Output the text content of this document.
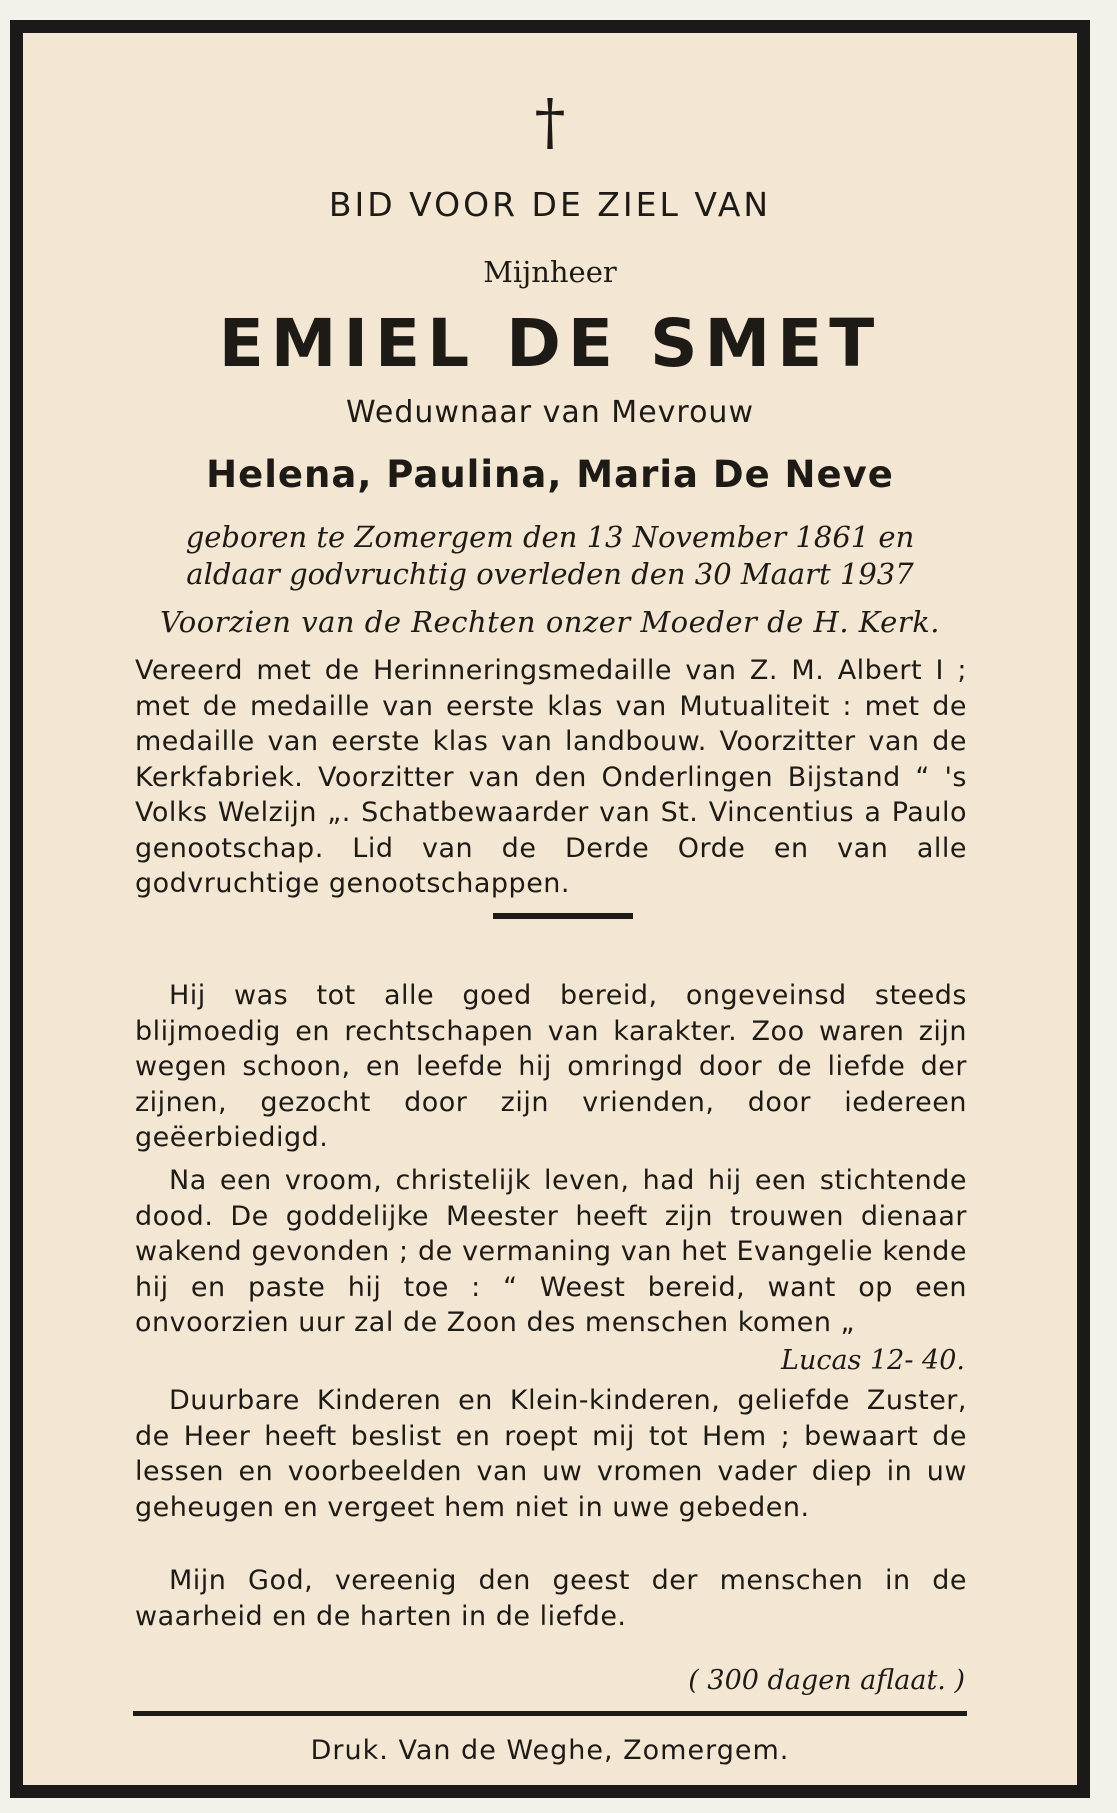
†
BID VOOR DE ZIEL VAN
Mijnheer
EMIEL DE SMET
Weduwnaar van Mevrouw
Helena, Paulina, Maria De Neve
geboren te Zomergem den 13 November 1861 en
aldaar godvruchtig overleden den 30 Maart 1937
Voorzien van de Rechten onzer Moeder de H. Kerk.
Vereerd met de Herinneringsmedaille van Z. M. Albert I ; met de medaille van eerste klas van Mutualiteit : met de medaille van eerste klas van landbouw. Voorzitter van de Kerkfabriek. Voorzitter van den Onderlingen Bijstand “ 's Volks Welzijn „. Schatbewaarder van St. Vincentius a Paulo genootschap. Lid van de Derde Orde en van alle godvruchtige genootschappen.
Hij was tot alle goed bereid, ongeveinsd steeds blijmoedig en rechtschapen van karakter. Zoo waren zijn wegen schoon, en leefde hij omringd door de liefde der zijnen, gezocht door zijn vrienden, door iedereen geëerbiedigd.
Na een vroom, christelijk leven, had hij een stichtende dood. De goddelijke Meester heeft zijn trouwen dienaar wakend gevonden ; de vermaning van het Evangelie kende hij en paste hij toe : “ Weest bereid, want op een onvoorzien uur zal de Zoon des menschen komen „
Lucas 12- 40.
Duurbare Kinderen en Klein-kinderen, geliefde Zuster, de Heer heeft beslist en roept mij tot Hem ; bewaart de lessen en voorbeelden van uw vromen vader diep in uw geheugen en vergeet hem niet in uwe gebeden.
Mijn God, vereenig den geest der menschen in de waarheid en de harten in de liefde.
( 300 dagen aflaat. )
Druk. Van de Weghe, Zomergem.
